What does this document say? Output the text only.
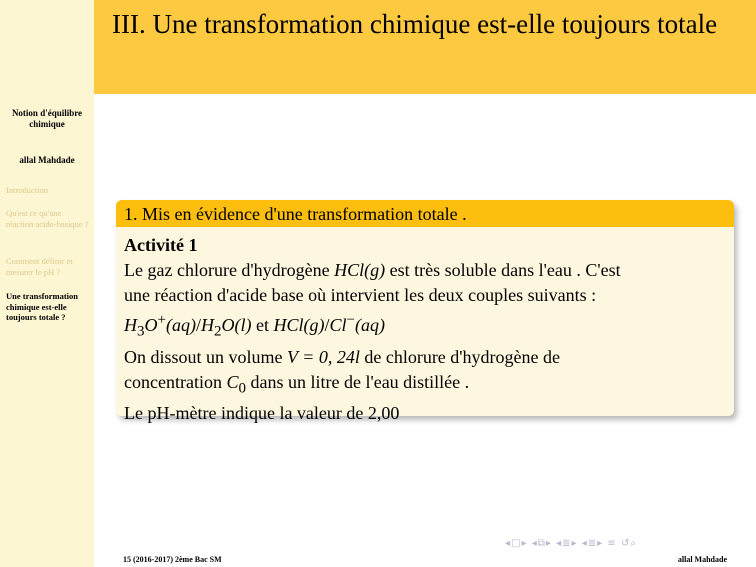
III. Une transformation chimique est-elle toujours totale
Notion d'équilibre chimique
allal Mahdade
Introduction
Qu'est ce qu'une réaction acido-basique ?
Comment définir et mesurer le pH ?
Une transformation chimique est-elle toujours totale ?
1. Mis en évidence d'une transformation totale .
Activité 1
Le gaz chlorure d'hydrogène HCl(g) est très soluble dans l'eau . C'est
une réaction d'acide base où intervient les deux couples suivants :
$H_3O^+(aq)/H_2O(l)$ et HCl(g)/Cl−(aq)
On dissout un volume V = 0, 24l de chlorure d'hydrogène de
concentration $C_0$ dans un litre de l'eau distillée .
Le pH-mètre indique la valeur de 2,00
◂□▸ ◂⧉▸ ◂≣▸ ◂≣▸ ≡ ↺⌕
15 (2016-2017) 2ème Bac SM	allal Mahdade
